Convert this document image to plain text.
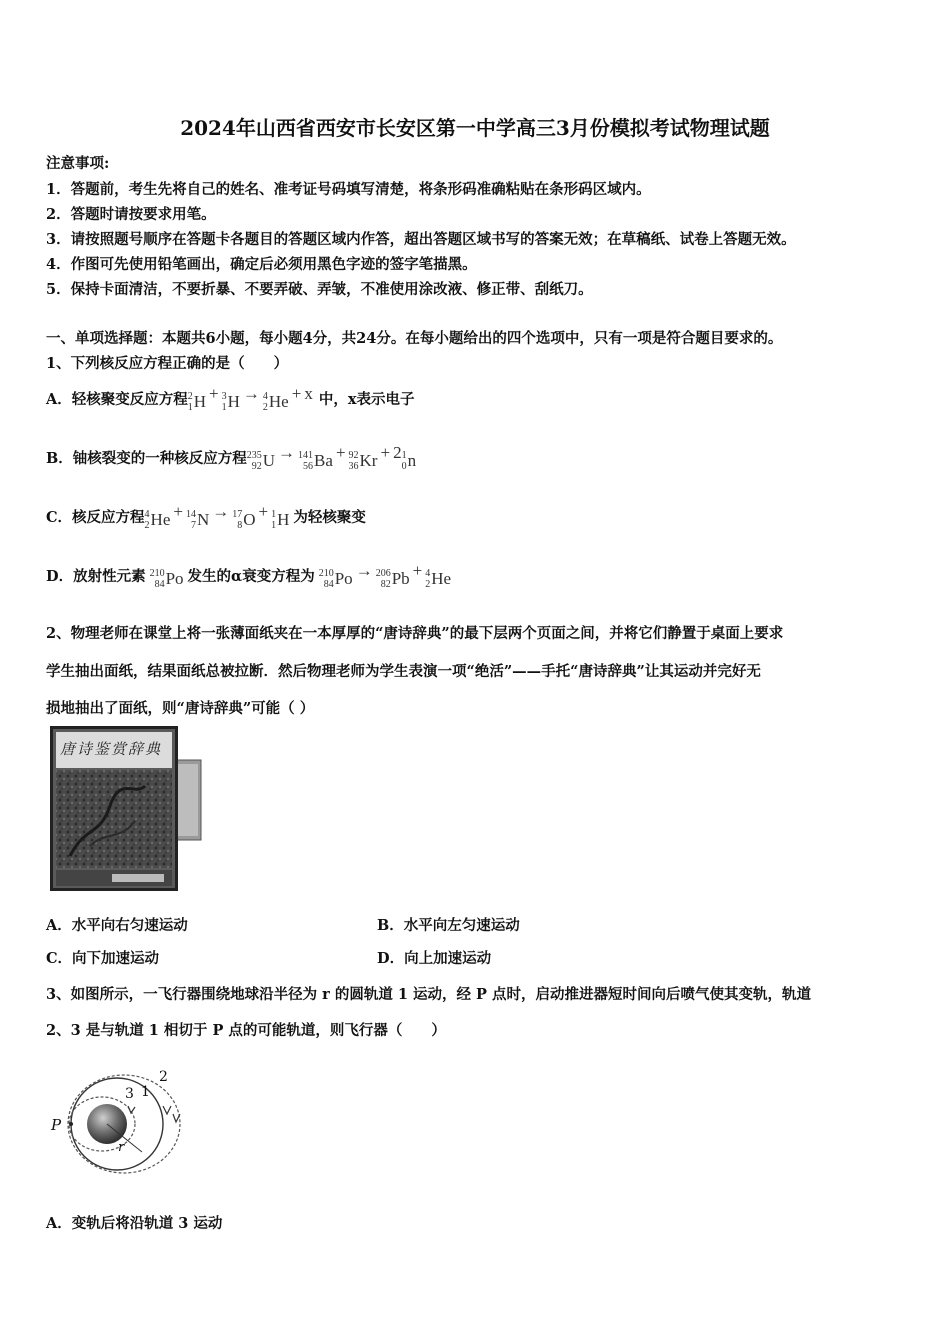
2024年山西省西安市长安区第一中学高三3月份模拟考试物理试题
注意事项:
1．答题前，考生先将自己的姓名、准考证号码填写清楚，将条形码准确粘贴在条形码区域内。
2．答题时请按要求用笔。
3．请按照题号顺序在答题卡各题目的答题区域内作答，超出答题区域书写的答案无效；在草稿纸、试卷上答题无效。
4．作图可先使用铅笔画出，确定后必须用黑色字迹的签字笔描黑。
5．保持卡面清洁，不要折暴、不要弄破、弄皱，不准使用涂改液、修正带、刮纸刀。
一、单项选择题：本题共6小题，每小题4分，共24分。在每小题给出的四个选项中，只有一项是符合题目要求的。
1、下列核反应方程正确的是（　　）
A．轻核聚变反应方程 2
1 H + 3
1 H → 4
2 He + x 中，x表示电子
B．铀核裂变的一种核反应方程 235
92 U → 141
56 Ba + 92
36 Kr + 2 1
0 n
C．核反应方程 4
2 He + 14
7 N → 17
8 O + 1
1 H 为轻核聚变
D．放射性元素 210
84 Po 发生的α衰变方程为 210
84 Po → 206
82 Pb + 4
2 He
2、物理老师在课堂上将一张薄面纸夹在一本厚厚的“唐诗辞典”的最下层两个页面之间，并将它们静置于桌面上要求
学生抽出面纸，结果面纸总被拉断．然后物理老师为学生表演一项“绝活”——手托“唐诗辞典”让其运动并完好无
损地抽出了面纸，则“唐诗辞典”可能（ ）
唐诗鉴赏辞典
A．水平向右匀速运动	B．水平向左匀速运动
C．向下加速运动	D．向上加速运动
3、如图所示，一飞行器围绕地球沿半径为 r 的圆轨道 1 运动，经 P 点时，启动推进器短时间向后喷气使其变轨，轨道
2、3 是与轨道 1 相切于 P 点的可能轨道，则飞行器（　　）
P
r
1
2
3
A．变轨后将沿轨道 3 运动
